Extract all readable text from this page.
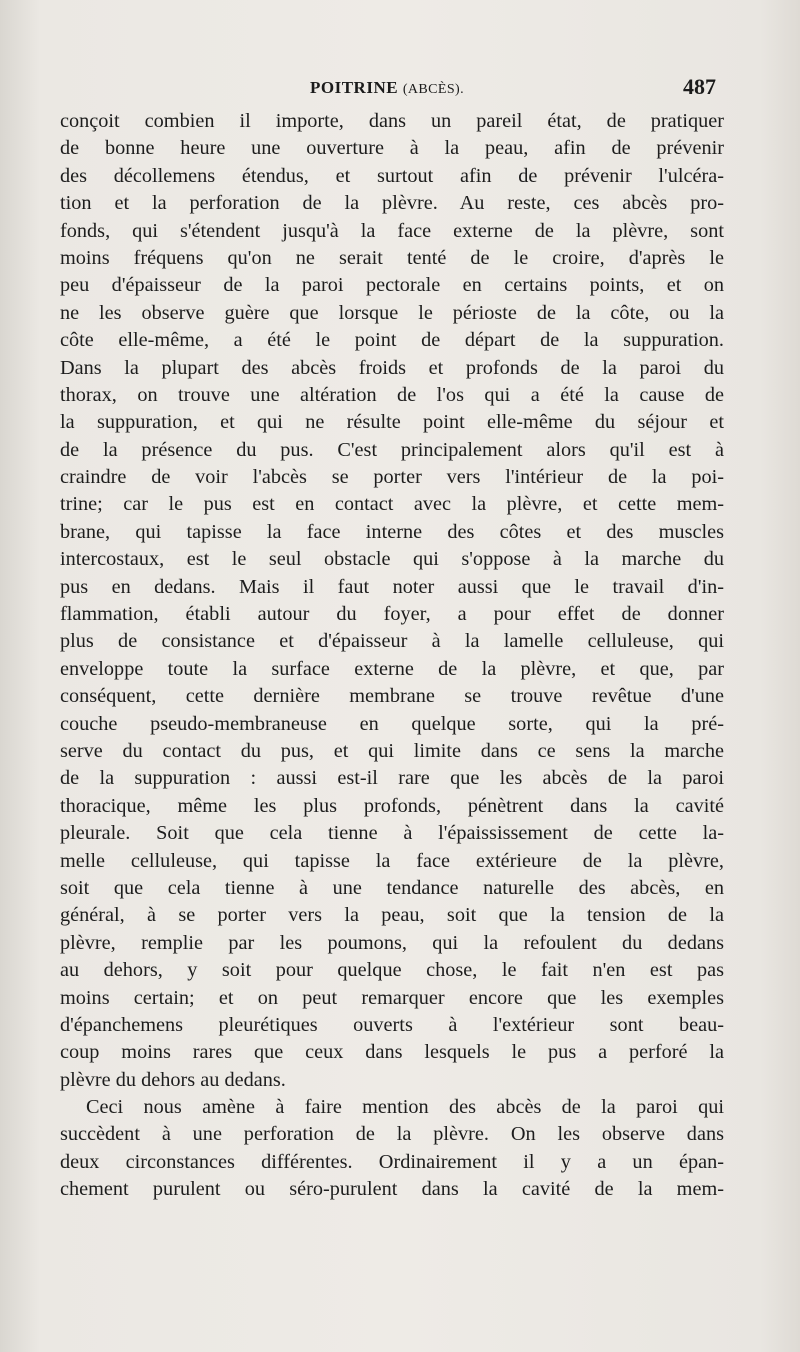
POITRINE (ABCÈS).	487
conçoit combien il importe, dans un pareil état, de pratiquer
de bonne heure une ouverture à la peau, afin de prévenir
des décollemens étendus, et surtout afin de prévenir l'ulcéra-
tion et la perforation de la plèvre. Au reste, ces abcès pro-
fonds, qui s'étendent jusqu'à la face externe de la plèvre, sont
moins fréquens qu'on ne serait tenté de le croire, d'après le
peu d'épaisseur de la paroi pectorale en certains points, et on
ne les observe guère que lorsque le périoste de la côte, ou la
côte elle-même, a été le point de départ de la suppuration.
Dans la plupart des abcès froids et profonds de la paroi du
thorax, on trouve une altération de l'os qui a été la cause de
la suppuration, et qui ne résulte point elle-même du séjour et
de la présence du pus. C'est principalement alors qu'il est à
craindre de voir l'abcès se porter vers l'intérieur de la poi-
trine; car le pus est en contact avec la plèvre, et cette mem-
brane, qui tapisse la face interne des côtes et des muscles
intercostaux, est le seul obstacle qui s'oppose à la marche du
pus en dedans. Mais il faut noter aussi que le travail d'in-
flammation, établi autour du foyer, a pour effet de donner
plus de consistance et d'épaisseur à la lamelle celluleuse, qui
enveloppe toute la surface externe de la plèvre, et que, par
conséquent, cette dernière membrane se trouve revêtue d'une
couche pseudo-membraneuse en quelque sorte, qui la pré-
serve du contact du pus, et qui limite dans ce sens la marche
de la suppuration : aussi est-il rare que les abcès de la paroi
thoracique, même les plus profonds, pénètrent dans la cavité
pleurale. Soit que cela tienne à l'épaississement de cette la-
melle celluleuse, qui tapisse la face extérieure de la plèvre,
soit que cela tienne à une tendance naturelle des abcès, en
général, à se porter vers la peau, soit que la tension de la
plèvre, remplie par les poumons, qui la refoulent du dedans
au dehors, y soit pour quelque chose, le fait n'en est pas
moins certain; et on peut remarquer encore que les exemples
d'épanchemens pleurétiques ouverts à l'extérieur sont beau-
coup moins rares que ceux dans lesquels le pus a perforé la
plèvre du dehors au dedans.
Ceci nous amène à faire mention des abcès de la paroi qui
succèdent à une perforation de la plèvre. On les observe dans
deux circonstances différentes. Ordinairement il y a un épan-
chement purulent ou séro-purulent dans la cavité de la mem-
